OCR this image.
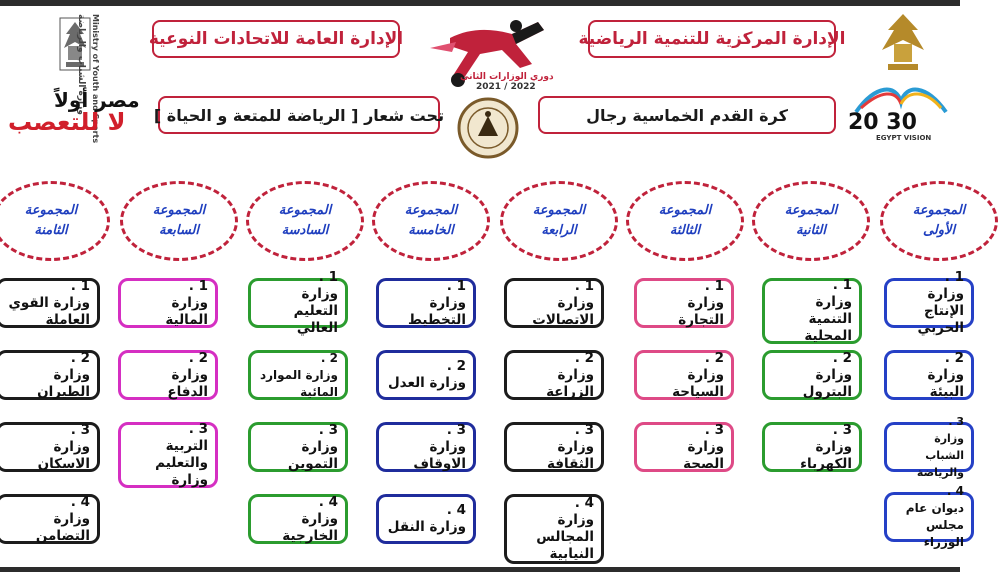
وزارة الشباب والرياضة Ministry of Youth and Sports	الإدارة العامة للاتحادات النوعية
دوري الوزارات الثاني
2021 / 2022
الإدارة المركزية للتنمية الرياضية
20 30
EGYPT VISION
مصر أولاً
لا للتعصب تحت شعار [ الرياضة للمتعة و الحياة ]	كرة القدم الخماسية رجال
المجموعة
الأولى
المجموعة
الثانية
المجموعة
الثالثة
المجموعة
الرابعة
المجموعة
الخامسة
المجموعة
السادسة
المجموعة
السابعة
المجموعة
الثامنة
1 .
وزارة الإنتاج الحربي
2 .
وزارة البيئة
3 .
وزارة الشباب والرياضة
4 .
ديوان عام مجلس الوزراء
1 .
وزارة التنمية المحلية
2 .
وزارة البترول
3 .
وزارة الكهرباء
1 .
وزارة التجارة
2 .
وزارة السياحة
3 .
وزارة الصحة
1 .
وزارة الاتصالات
2 .
وزارة الزراعة
3 .
وزارة الثقافة
4 .
وزارة المجالس النيابية
1 .
وزارة التخطيط
2 .
وزارة العدل
3 .
وزارة الاوقاف
4 .
وزارة النقل
1 .
وزارة التعليم العالي
2 .
وزارة الموارد المائية
3 .
وزارة التموين
4 .
وزارة الخارجية
1 .
وزارة المالية
2 .
وزارة الدفاع
3 .
التربية والتعليم وزارة
1 .
وزارة القوي العاملة
2 .
وزارة الطيران
3 .
وزارة الاسكان
4 .
وزارة التضامن
